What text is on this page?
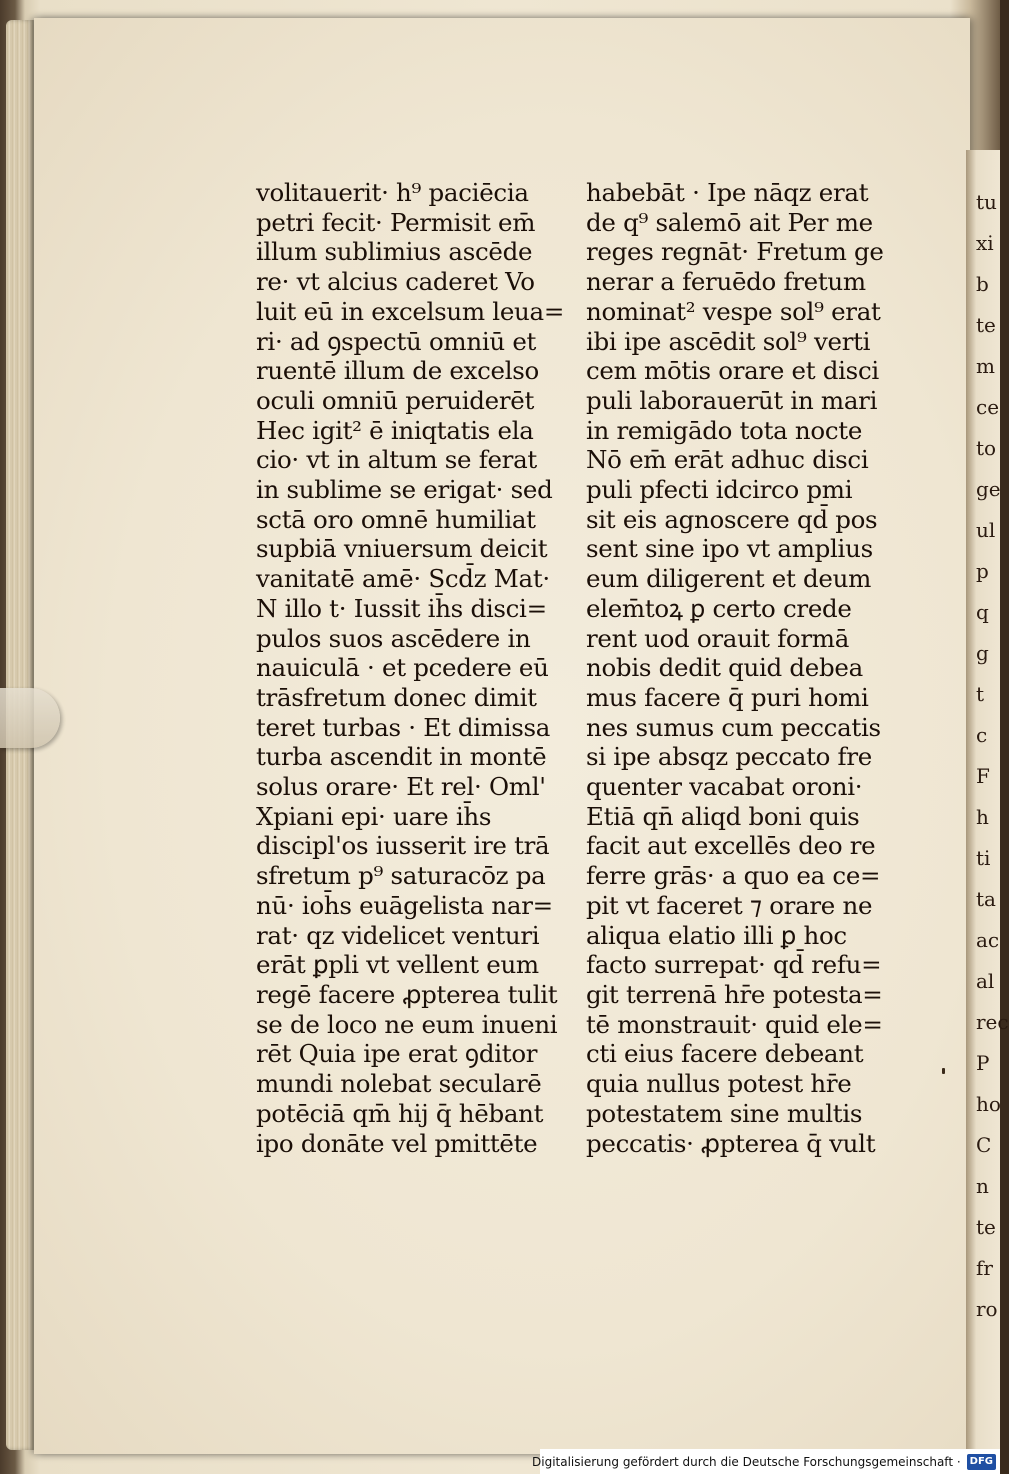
tu
xi
b
te
m
ce
to
ge
ul
p
q
g
t
c
F
h
ti
ta
ac
al
rec
P
ho
C
n
te
fr
ro
volitauerit· h⁹ paciēcia
petri fecit· Permisit em̄
illum sublimius ascēde
re· vt alcius caderet Vo
luit eū in excelsum leua=
ri· ad ꝯspectū omniū et
ruentē illum de excelso
oculi omniū peruiderēt
Hec igit² ē iniqtatis ela
cio· vt in altum se ferat
in sublime se erigat· sed
sctā oro omnē humiliat
supbiā vniuersum deicit
vanitatē amē· Scd̄z Mat·
N illo t· Iussit ih̄s disci=
pulos suos ascēdere in
nauiculā · et pcedere eū
trāsfretum donec dimit
teret turbas · Et dimissa
turba ascendit in montē
solus orare· Et rel· Oml'
Xpiani epi· uare ih̄s
discipl'os iusserit ire trā
sfretum p⁹ saturacōz pa
nū· ioh̄s euāgelista nar=
rat· qz videlicet venturi
erāt ꝑpli vt vellent eum
regē facere ꝓpterea tulit
se de loco ne eum inueni
rēt Quia ipe erat ꝯditor
mundi nolebat secularē
potēciā qm̄ hij q̄ hēbant
ipo donāte vel pmittēte
habebāt · Ipe nāqz erat
de q⁹ salemō ait Per me
reges regnāt· Fretum ge
nerar a feruēdo fretum
nominat² vespe sol⁹ erat
ibi ipe ascēdit sol⁹ verti
cem mōtis orare et disci
puli laborauerūt in mari
in remigādo tota nocte
Nō em̄ erāt adhuc disci
puli pfecti idcirco pmi
sit eis agnoscere qd̄ pos
sent sine ipo vt amplius
eum diligerent et deum
elem̄toꝝ ꝑ certo crede
rent uod orauit formā
nobis dedit quid debea
mus facere q̄ puri homi
nes sumus cum peccatis
si ipe absqz peccato fre
quenter vacabat oroni·
Etiā qn̄ aliqd boni quis
facit aut excellēs deo re
ferre grās· a quo ea ce=
pit vt faceret ⁊ orare ne
aliqua elatio illi ꝑ hoc
facto surrepat· qd̄ refu=
git terrenā hr̄e potesta=
tē monstrauit· quid ele=
cti eius facere debeant
quia nullus potest hr̄e
potestatem sine multis
peccatis· ꝓpterea q̄ vult
Digitalisierung gefördert durch die Deutsche Forschungsgemeinschaft · DFG
